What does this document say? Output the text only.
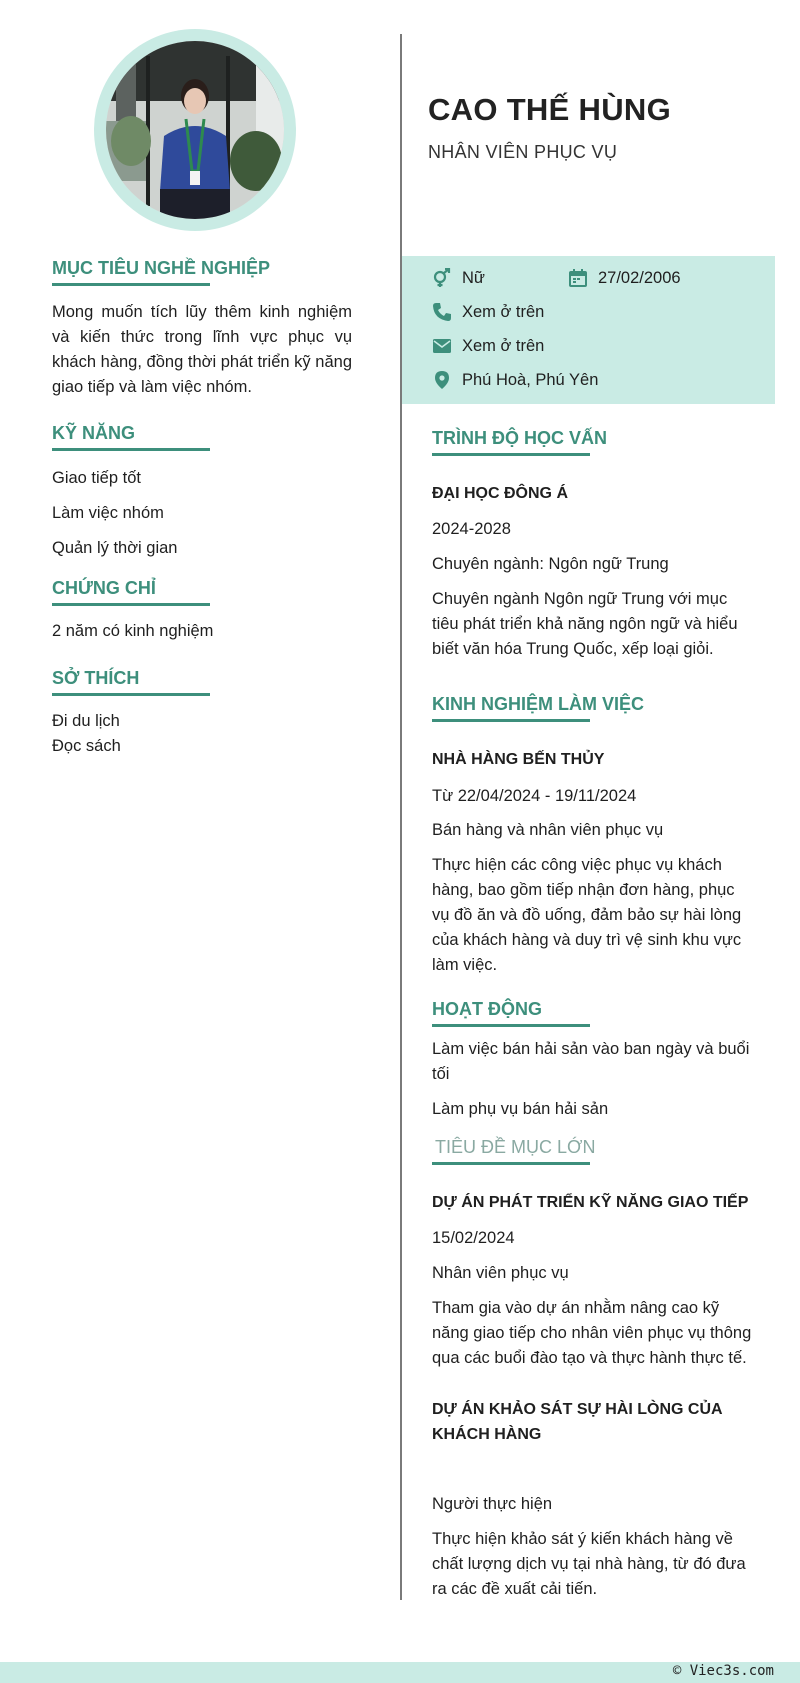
CAO THẾ HÙNG
NHÂN VIÊN PHỤC VỤ
Nữ	27/02/2006
Xem ở trên
Xem ở trên
Phú Hoà, Phú Yên

MỤC TIÊU NGHỀ NGHIỆP

Mong muốn tích lũy thêm kinh nghiệm và kiến thức trong lĩnh vực phục vụ khách hàng, đồng thời phát triển kỹ năng giao tiếp và làm việc nhóm.

KỸ NĂNG

Giao tiếp tốt

Làm việc nhóm

Quản lý thời gian

CHỨNG CHỈ

2 năm có kinh nghiệm

SỞ THÍCH

Đi du lịch

Đọc sách

TRÌNH ĐỘ HỌC VẤN

ĐẠI HỌC ĐÔNG Á

2024-2028

Chuyên ngành: Ngôn ngữ Trung

Chuyên ngành Ngôn ngữ Trung với mục tiêu phát triển khả năng ngôn ngữ và hiểu biết văn hóa Trung Quốc, xếp loại giỏi.

KINH NGHIỆM LÀM VIỆC

NHÀ HÀNG BẾN THỦY

Từ 22/04/2024 - 19/11/2024

Bán hàng và nhân viên phục vụ

Thực hiện các công việc phục vụ khách hàng, bao gồm tiếp nhận đơn hàng, phục vụ đồ ăn và đồ uống, đảm bảo sự hài lòng của khách hàng và duy trì vệ sinh khu vực làm việc.

HOẠT ĐỘNG

Làm việc bán hải sản vào ban ngày và buổi tối

Làm phụ vụ bán hải sản

TIÊU ĐỀ MỤC LỚN

DỰ ÁN PHÁT TRIỂN KỸ NĂNG GIAO TIẾP

15/02/2024

Nhân viên phục vụ

Tham gia vào dự án nhằm nâng cao kỹ năng giao tiếp cho nhân viên phục vụ thông qua các buổi đào tạo và thực hành thực tế.

DỰ ÁN KHẢO SÁT SỰ HÀI LÒNG CỦA KHÁCH HÀNG

Người thực hiện

Thực hiện khảo sát ý kiến khách hàng về chất lượng dịch vụ tại nhà hàng, từ đó đưa ra các đề xuất cải tiến.

© Viec3s.com
